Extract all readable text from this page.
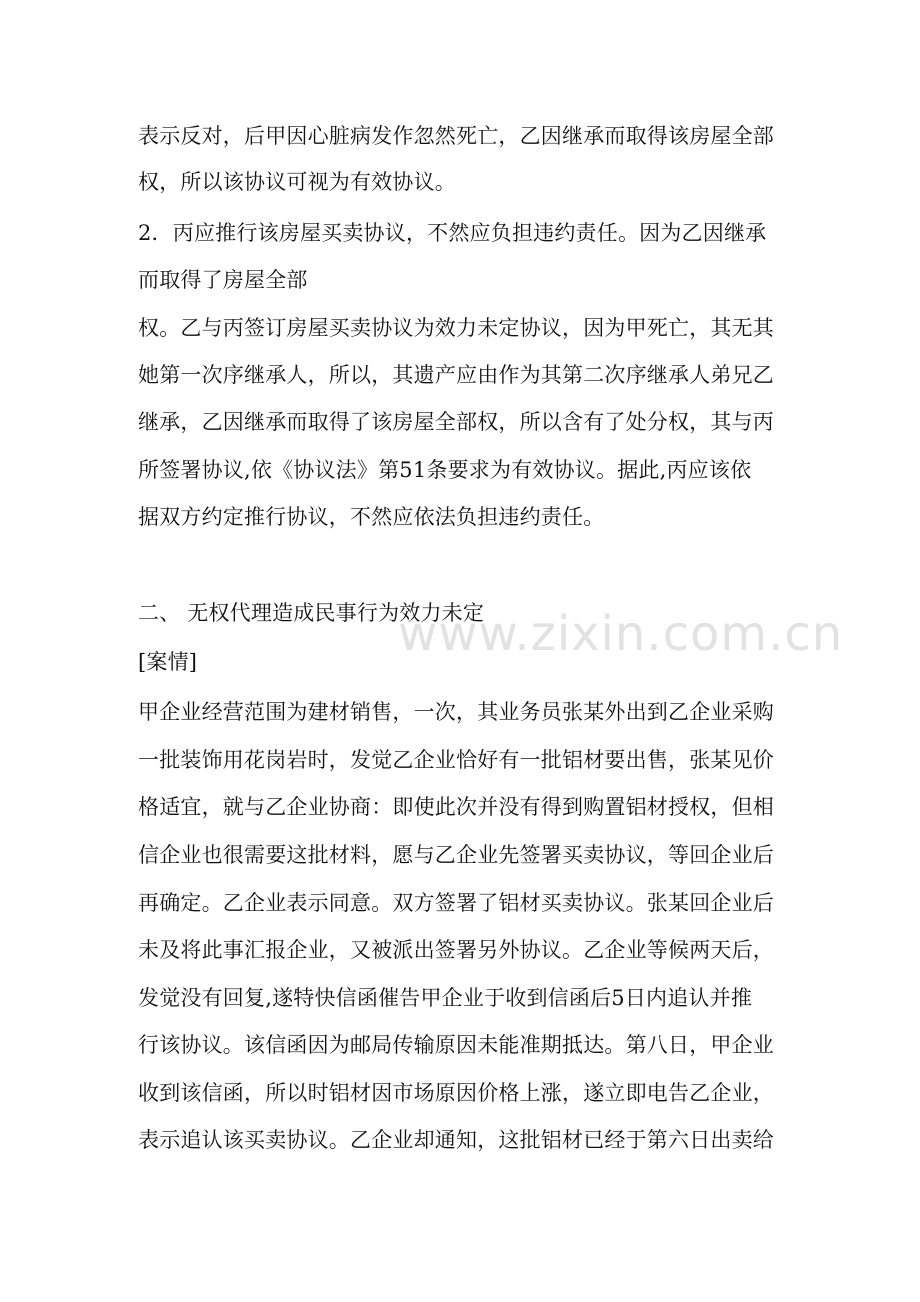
www.zixin.com.cn
表示反对，后甲因心脏病发作忽然死亡，乙因继承而取得该房屋全部
权，所以该协议可视为有效协议。
2．丙应推行该房屋买卖协议，不然应负担违约责任。因为乙因继承
而取得了房屋全部
权。乙与丙签订房屋买卖协议为效力未定协议，因为甲死亡，其无其
她第一次序继承人，所以，其遗产应由作为其第二次序继承人弟兄乙
继承，乙因继承而取得了该房屋全部权，所以含有了处分权，其与丙
所签署协议,依《协议法》第51条要求为有效协议。据此,丙应该依
据双方约定推行协议，不然应依法负担违约责任。
二、 无权代理造成民事行为效力未定
[案情]
甲企业经营范围为建材销售，一次，其业务员张某外出到乙企业采购
一批装饰用花岗岩时，发觉乙企业恰好有一批铝材要出售，张某见价
格适宜，就与乙企业协商：即使此次并没有得到购置铝材授权，但相
信企业也很需要这批材料，愿与乙企业先签署买卖协议，等回企业后
再确定。乙企业表示同意。双方签署了铝材买卖协议。张某回企业后
未及将此事汇报企业，又被派出签署另外协议。乙企业等候两天后，
发觉没有回复,遂特快信函催告甲企业于收到信函后5日内追认并推
行该协议。该信函因为邮局传输原因未能准期抵达。第八日，甲企业
收到该信函，所以时铝材因市场原因价格上涨，遂立即电告乙企业，
表示追认该买卖协议。乙企业却通知，这批铝材已经于第六日出卖给
